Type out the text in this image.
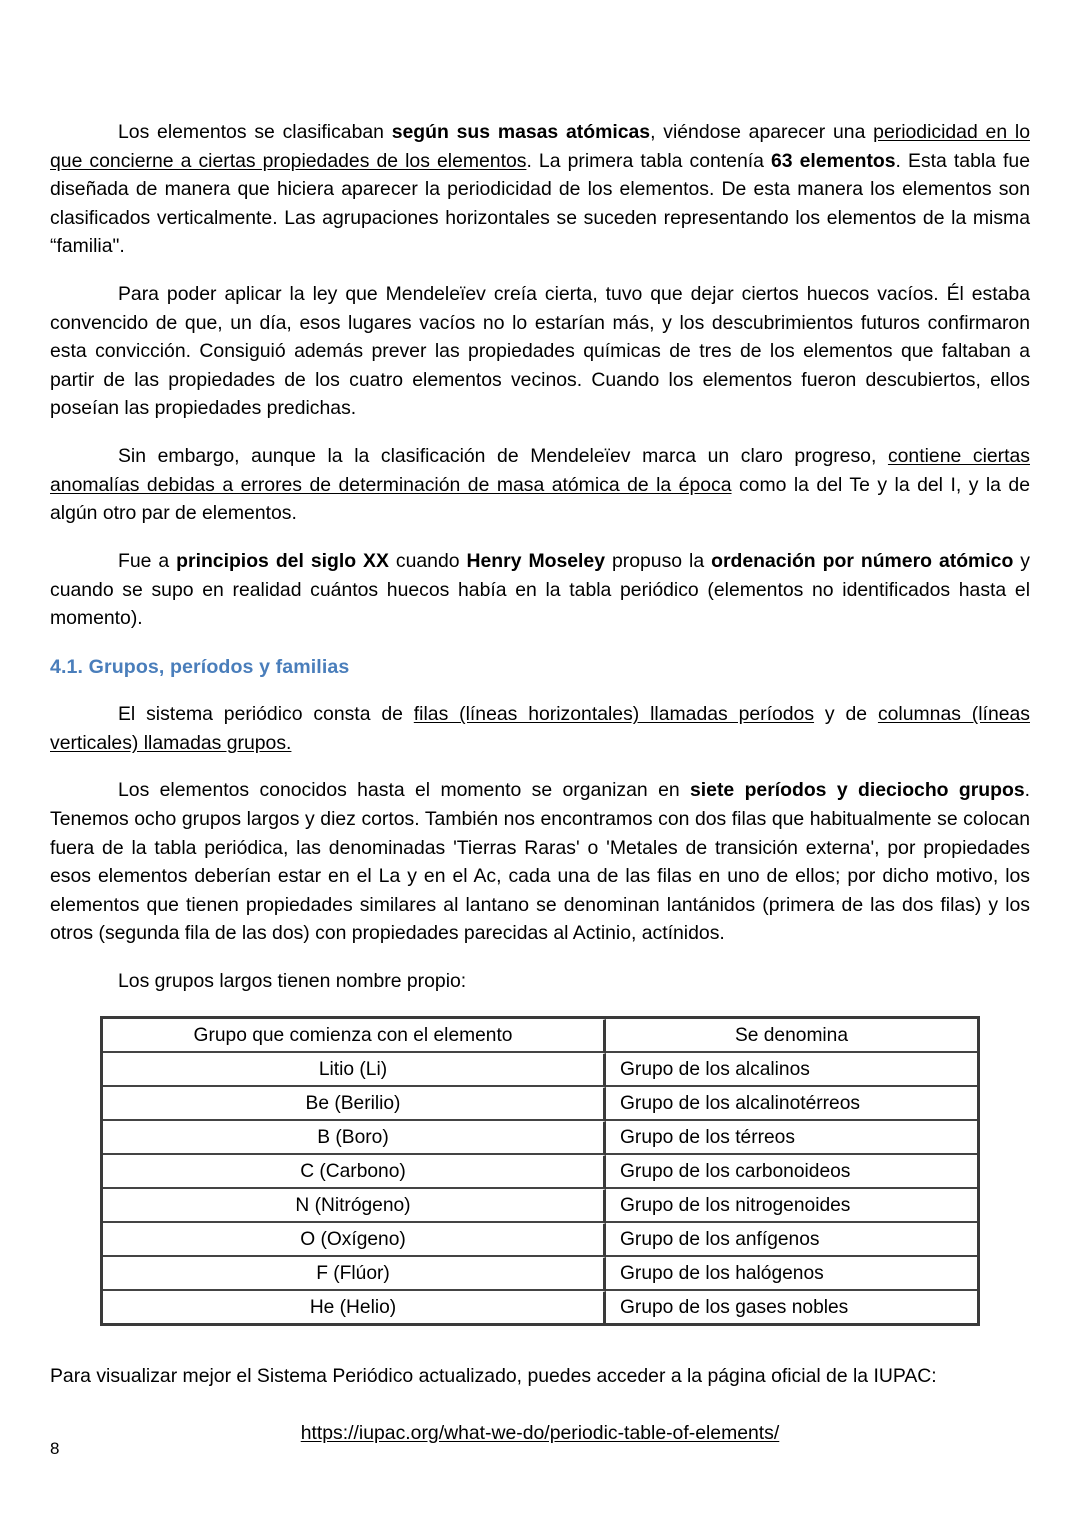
Los elementos se clasificaban según sus masas atómicas, viéndose aparecer una periodicidad en lo que concierne a ciertas propiedades de los elementos. La primera tabla contenía 63 elementos. Esta tabla fue diseñada de manera que hiciera aparecer la periodicidad de los elementos. De esta manera los elementos son clasificados verticalmente. Las agrupaciones horizontales se suceden representando los elementos de la misma “familia".

Para poder aplicar la ley que Mendeleïev creía cierta, tuvo que dejar ciertos huecos vacíos. Él estaba convencido de que, un día, esos lugares vacíos no lo estarían más, y los descubrimientos futuros confirmaron esta convicción. Consiguió además prever las propiedades químicas de tres de los elementos que faltaban a partir de las propiedades de los cuatro elementos vecinos. Cuando los elementos fueron descubiertos, ellos poseían las propiedades predichas.

Sin embargo, aunque la la clasificación de Mendeleïev marca un claro progreso, contiene ciertas anomalías debidas a errores de determinación de masa atómica de la época como la del Te y la del I, y la de algún otro par de elementos.

Fue a principios del siglo XX cuando Henry Moseley propuso la ordenación por número atómico y cuando se supo en realidad cuántos huecos había en la tabla periódico (elementos no identificados hasta el momento).

4.1. Grupos, períodos y familias

El sistema periódico consta de filas (líneas horizontales) llamadas períodos y de columnas (líneas verticales) llamadas grupos.

Los elementos conocidos hasta el momento se organizan en siete períodos y dieciocho grupos. Tenemos ocho grupos largos y diez cortos. También nos encontramos con dos filas que habitualmente se colocan fuera de la tabla periódica, las denominadas 'Tierras Raras' o 'Metales de transición externa', por propiedades esos elementos deberían estar en el La y en el Ac, cada una de las filas en uno de ellos; por dicho motivo, los elementos que tienen propiedades similares al lantano se denominan lantánidos (primera de las dos filas) y los otros (segunda fila de las dos) con propiedades parecidas al Actinio, actínidos.

Los grupos largos tienen nombre propio:

Grupo que comienza con el elemento	Se denomina
Litio (Li)	Grupo de los alcalinos
Be (Berilio)	Grupo de los alcalinotérreos
B (Boro)	Grupo de los térreos
C (Carbono)	Grupo de los carbonoideos
N (Nitrógeno)	Grupo de los nitrogenoides
O (Oxígeno)	Grupo de los anfígenos
F (Flúor)	Grupo de los halógenos
He (Helio)	Grupo de los gases nobles

Para visualizar mejor el Sistema Periódico actualizado, puedes acceder a la página oficial de la IUPAC:

https://iupac.org/what-we-do/periodic-table-of-elements/

8
